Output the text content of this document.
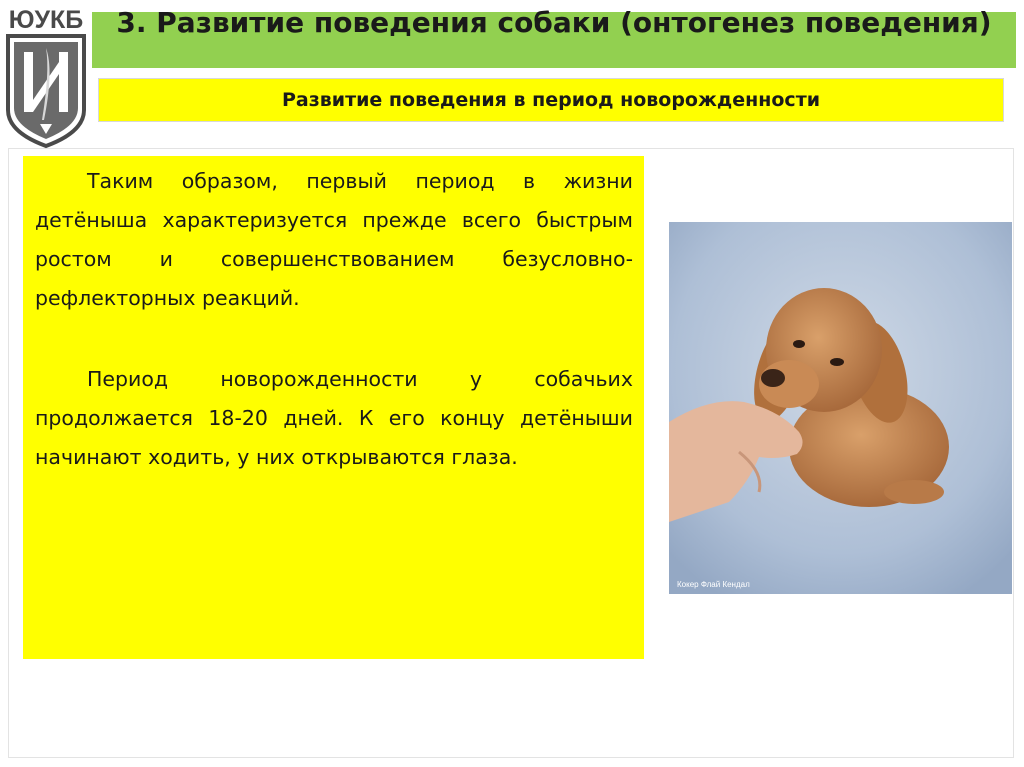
ЮУКБ	3. Развитие поведения собаки (онтогенез поведения)
Развитие поведения в период новорожденности

Таким образом, первый период в жизни детёныша характеризуется прежде всего быстрым ростом и совершенствованием безусловно-рефлекторных реакций.

Период новорожденности у собачьих продолжается 18-20 дней. К его концу детёныши начинают ходить, у них открываются глаза.

Кокер Флай Кендал
